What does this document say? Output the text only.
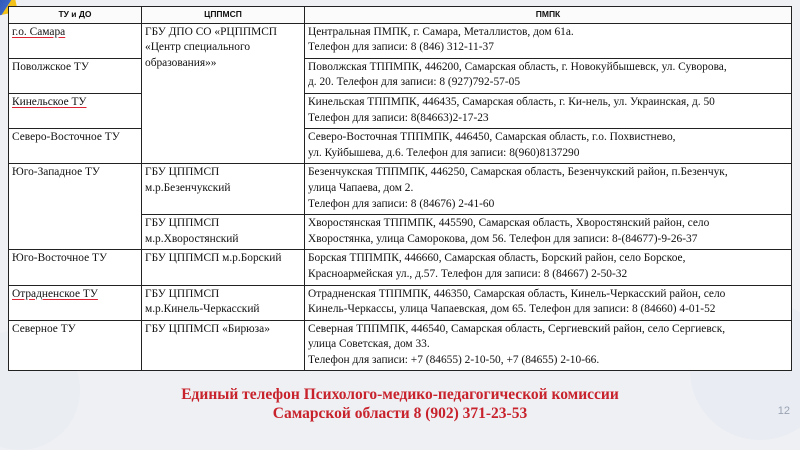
ТУ и ДО	ЦППМСП	ПМПК

г.о. Самара	ГБУ ДПО СО «РЦППМСП
«Центр специального
образования»»	Центральная ПМПК, г. Самара, Металлистов, дом 61а.
Телефон для записи: 8 (846) 312-11-37

Поволжское ТУ		Поволжская ТППМПК, 446200, Самарская область, г. Новокуйбышевск, ул. Суворова,
д. 20. Телефон для записи: 8 (927)792-57-05

Кинельское ТУ		Кинельская ТППМПК, 446435, Самарская область, г. Ки-нель, ул. Украинская, д. 50
Телефон для записи: 8(84663)2-17-23

Северо-Восточное ТУ		Северо-Восточная ТППМПК, 446450, Самарская область, г.о. Похвистнево,
ул. Куйбышева, д.6. Телефон для записи: 8(960)8137290

Юго-Западное ТУ	ГБУ ЦППМСП
м.р.Безенчукский	Безенчукская ТППМПК, 446250, Самарская область, Безенчукский район, п.Безенчук,
улица Чапаева, дом 2.
Телефон для записи: 8 (84676) 2-41-60

	ГБУ ЦППМСП
м.р.Хворостянский	Хворостянская ТППМПК, 445590, Самарская область, Хворостянский район, село
Хворостянка, улица Саморокова, дом 56. Телефон для записи: 8-(84677)-9-26-37

Юго-Восточное ТУ	ГБУ ЦППМСП м.р.Борский	Борская ТППМПК, 446660, Самарская область, Борский район, село Борское,
Красноармейская ул., д.57. Телефон для записи: 8 (84667) 2-50-32

Отрадненское ТУ	ГБУ ЦППМСП
м.р.Кинель-Черкасский	Отрадненская ТППМПК, 446350, Самарская область, Кинель-Черкасский район, село
Кинель-Черкассы, улица Чапаевская, дом 65. Телефон для записи: 8 (84660) 4-01-52

Северное ТУ	ГБУ ЦППМСП «Бирюза»	Северная ТППМПК, 446540, Самарская область, Сергиевский район, село Сергиевск,
улица Советская, дом 33.
Телефон для записи: +7 (84655) 2-10-50, +7 (84655) 2-10-66.
Единый телефон Психолого-медико-педагогической комиссии
Самарской области 8 (902) 371-23-53	12
